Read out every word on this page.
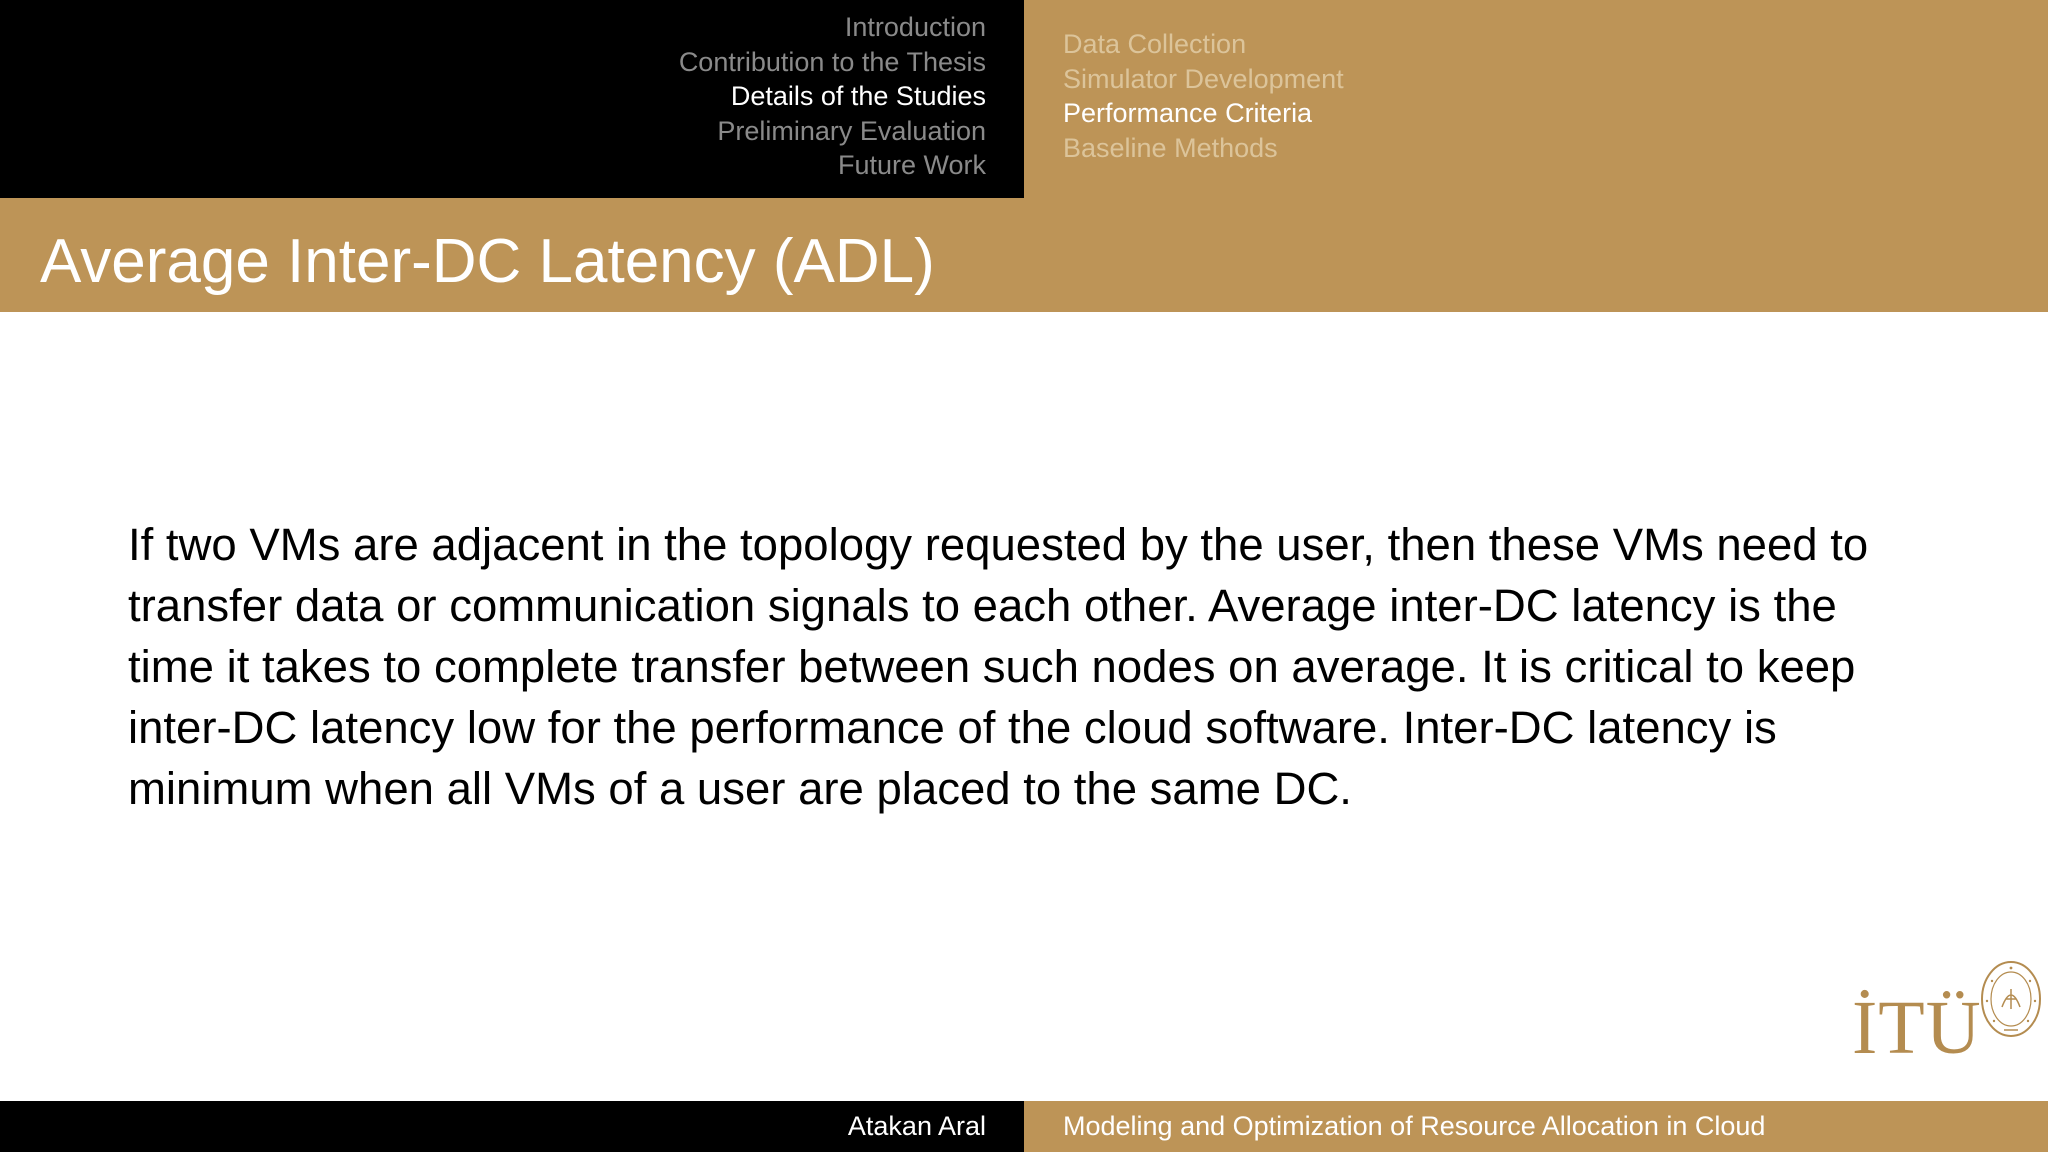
Introduction
Contribution to the Thesis
Details of the Studies
Preliminary Evaluation
Future Work
Data Collection
Simulator Development
Performance Criteria
Baseline Methods
Average Inter-DC Latency (ADL)

If two VMs are adjacent in the topology requested by the user, then these VMs need to transfer data or communication signals to each other. Average inter-DC latency is the time it takes to complete transfer between such nodes on average. It is critical to keep inter-DC latency low for the performance of the cloud software. Inter-DC latency is minimum when all VMs of a user are placed to the same DC.

İTÜ
Atakan Aral	Modeling and Optimization of Resource Allocation in Cloud
